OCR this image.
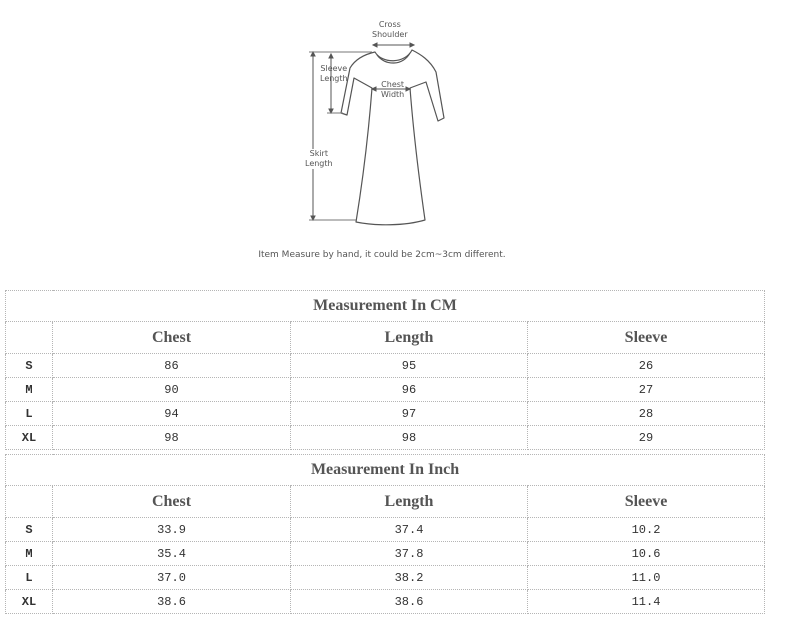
Cross
Shoulder
Sleeve
Length
Chest
Width
Skirt
Length
Item Measure by hand, it could be 2cm~3cm different.
Measurement In CM			
	Chest	Length	Sleeve
S	86	95	26
M	90	96	27
L	94	97	28
XL	98	98	29
Measurement In Inch			
	Chest	Length	Sleeve
S	33.9	37.4	10.2
M	35.4	37.8	10.6
L	37.0	38.2	11.0
XL	38.6	38.6	11.4
